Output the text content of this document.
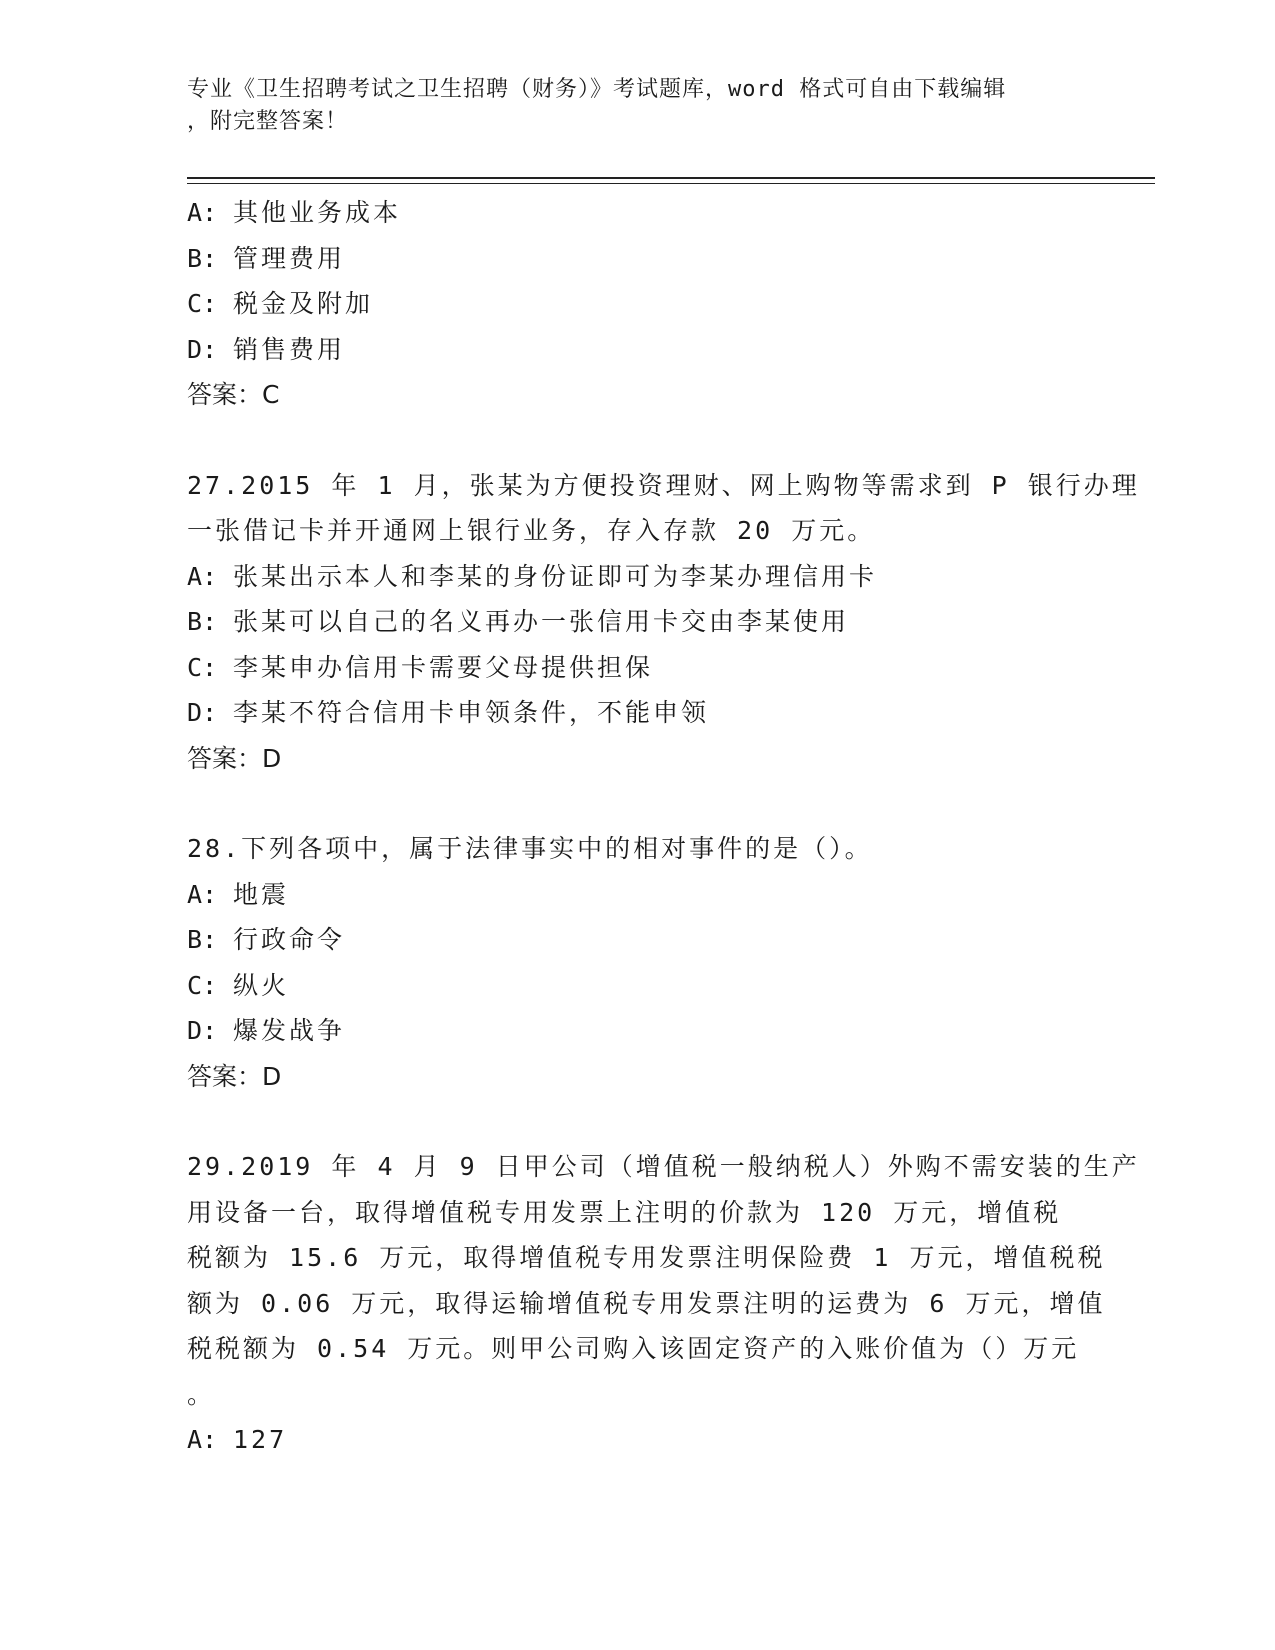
专业《卫生招聘考试之卫生招聘（财务）》考试题库，word 格式可自由下载编辑
，附完整答案！
A: 其他业务成本
B: 管理费用
C: 税金及附加
D: 销售费用
答案：C
27.2015 年 1 月，张某为方便投资理财、网上购物等需求到 P 银行办理
一张借记卡并开通网上银行业务，存入存款 20 万元。
A: 张某出示本人和李某的身份证即可为李某办理信用卡
B: 张某可以自己的名义再办一张信用卡交由李某使用
C: 李某申办信用卡需要父母提供担保
D: 李某不符合信用卡申领条件，不能申领
答案：D
28.下列各项中，属于法律事实中的相对事件的是（）。
A: 地震
B: 行政命令
C: 纵火
D: 爆发战争
答案：D
29.2019 年 4 月 9 日甲公司（增值税一般纳税人）外购不需安装的生产
用设备一台，取得增值税专用发票上注明的价款为 120 万元，增值税
税额为 15.6 万元，取得增值税专用发票注明保险费 1 万元，增值税税
额为 0.06 万元，取得运输增值税专用发票注明的运费为 6 万元，增值
税税额为 0.54 万元。则甲公司购入该固定资产的入账价值为（）万元
。
A: 127
